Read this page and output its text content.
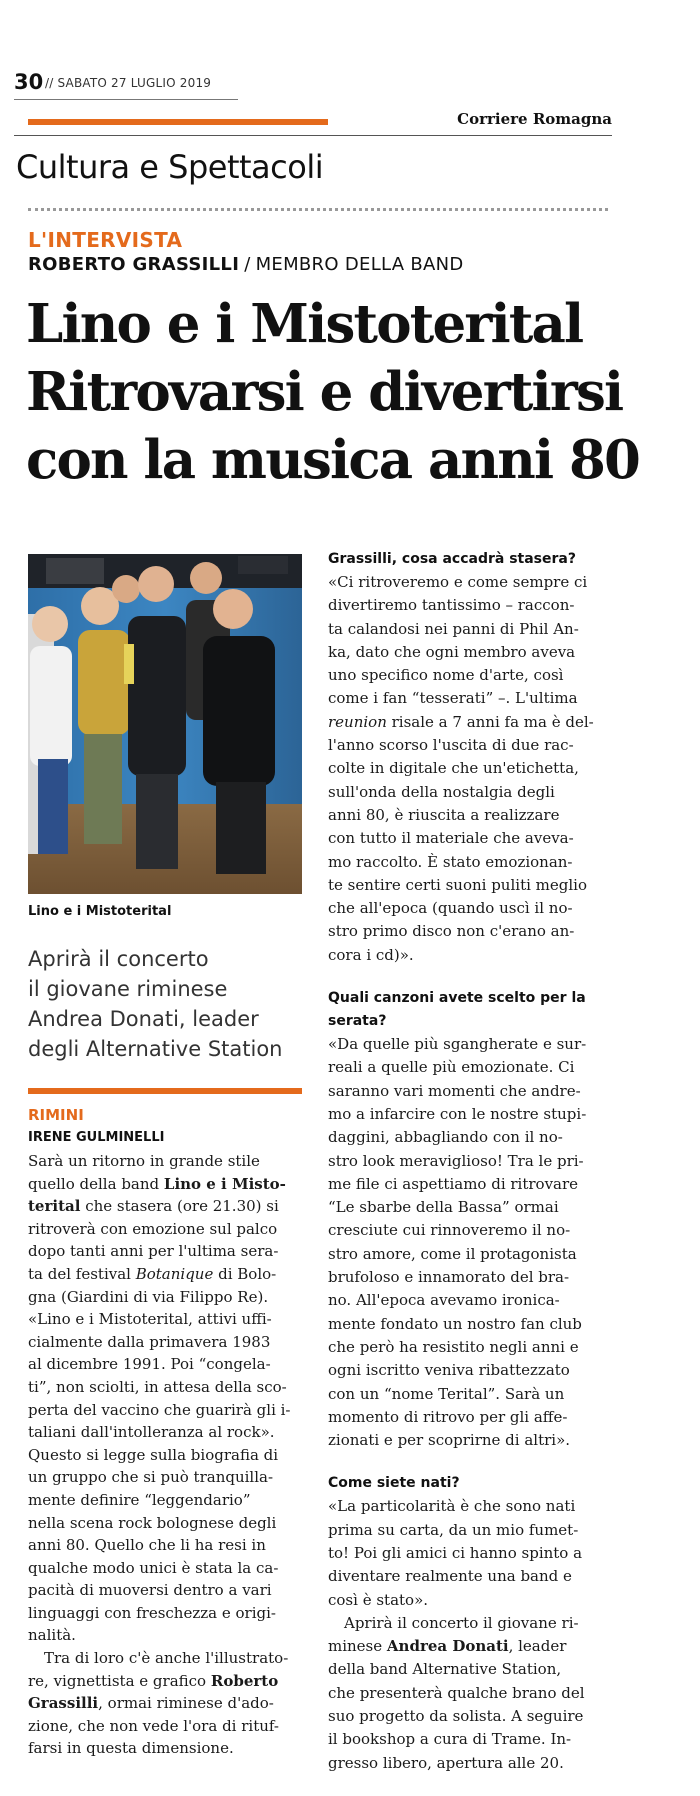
30 // SABATO 27 LUGLIO 2019
Corriere Romagna
Cultura e Spettacoli
L'INTERVISTA
ROBERTO GRASSILLI / MEMBRO DELLA BAND
Lino e i Mistoterital
Ritrovarsi e divertirsi
con la musica anni 80
Lino e i Mistoterital
Aprirà il concerto
il giovane riminese
Andrea Donati, leader
degli Alternative Station
RIMINI
IRENE GULMINELLI
Sarà un ritorno in grande stile
quello della band Lino e i Misto-
terital che stasera (ore 21.30) si
ritroverà con emozione sul palco
dopo tanti anni per l'ultima sera-
ta del festival Botanique di Bolo-
gna (Giardini di via Filippo Re).
«Lino e i Mistoterital, attivi uffi-
cialmente dalla primavera 1983
al dicembre 1991. Poi “congela-
ti”, non sciolti, in attesa della sco-
perta del vaccino che guarirà gli i-
taliani dall'intolleranza al rock».
Questo si legge sulla biografia di
un gruppo che si può tranquilla-
mente definire “leggendario”
nella scena rock bolognese degli
anni 80. Quello che li ha resi in
qualche modo unici è stata la ca-
pacità di muoversi dentro a vari
linguaggi con freschezza e origi-
nalità.
Tra di loro c'è anche l'illustrato-
re, vignettista e grafico Roberto
Grassilli, ormai riminese d'ado-
zione, che non vede l'ora di rituf-
farsi in questa dimensione.
Grassilli, cosa accadrà stasera?
«Ci ritroveremo e come sempre ci
divertiremo tantissimo – raccon-
ta calandosi nei panni di Phil An-
ka, dato che ogni membro aveva
uno specifico nome d'arte, così
come i fan “tesserati” –. L'ultima
reunion risale a 7 anni fa ma è del-
l'anno scorso l'uscita di due rac-
colte in digitale che un'etichetta,
sull'onda della nostalgia degli
anni 80, è riuscita a realizzare
con tutto il materiale che aveva-
mo raccolto. È stato emozionan-
te sentire certi suoni puliti meglio
che all'epoca (quando uscì il no-
stro primo disco non c'erano an-
cora i cd)».
Quali canzoni avete scelto per la
serata?
«Da quelle più sgangherate e sur-
reali a quelle più emozionate. Ci
saranno vari momenti che andre-
mo a infarcire con le nostre stupi-
daggini, abbagliando con il no-
stro look meraviglioso! Tra le pri-
me file ci aspettiamo di ritrovare
“Le sbarbe della Bassa” ormai
cresciute cui rinnoveremo il no-
stro amore, come il protagonista
brufoloso e innamorato del bra-
no. All'epoca avevamo ironica-
mente fondato un nostro fan club
che però ha resistito negli anni e
ogni iscritto veniva ribattezzato
con un “nome Terital”. Sarà un
momento di ritrovo per gli affe-
zionati e per scoprirne di altri».
Come siete nati?
«La particolarità è che sono nati
prima su carta, da un mio fumet-
to! Poi gli amici ci hanno spinto a
diventare realmente una band e
così è stato».
Aprirà il concerto il giovane ri-
minese Andrea Donati, leader
della band Alternative Station,
che presenterà qualche brano del
suo progetto da solista. A seguire
il bookshop a cura di Trame. In-
gresso libero, apertura alle 20.
